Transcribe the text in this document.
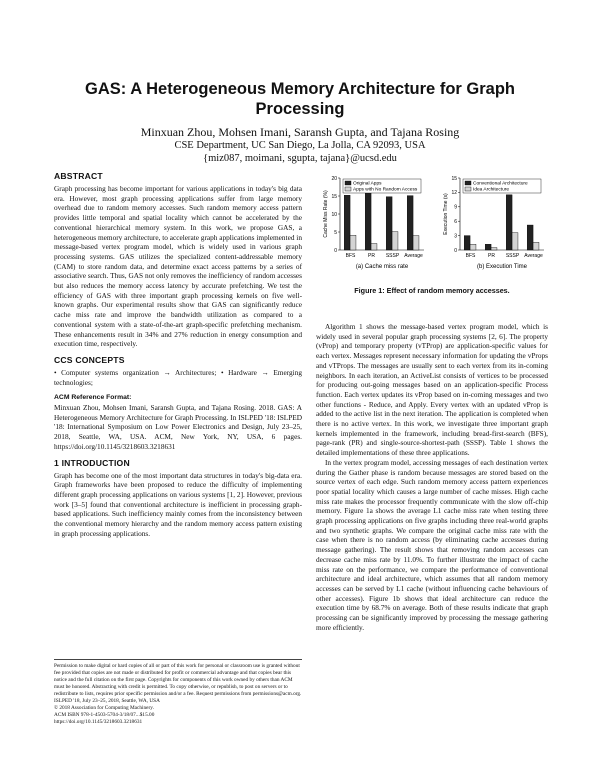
GAS: A Heterogeneous Memory Architecture for Graph Processing
Minxuan Zhou, Mohsen Imani, Saransh Gupta, and Tajana Rosing
CSE Department, UC San Diego, La Jolla, CA 92093, USA
{miz087, moimani, sgupta, tajana}@ucsd.edu
ABSTRACT

Graph processing has become important for various applications in today's big data era. However, most graph processing applications suffer from large memory overhead due to random memory accesses. Such random memory access pattern provides little temporal and spatial locality which cannot be accelerated by the conventional hierarchical memory system. In this work, we propose GAS, a heterogeneous memory architecture, to accelerate graph applications implemented in message-based vertex program model, which is widely used in various graph processing systems. GAS utilizes the specialized content-addressable memory (CAM) to store random data, and determine exact access patterns by a series of associative search. Thus, GAS not only removes the inefficiency of random accesses but also reduces the memory access latency by accurate prefetching. We test the efficiency of GAS with three important graph processing kernels on five well-known graphs. Our experimental results show that GAS can significantly reduce cache miss rate and improve the bandwidth utilization as compared to a conventional system with a state-of-the-art graph-specific prefetching mechanism. These enhancements result in 34% and 27% reduction in energy consumption and execution time, respectively.

CCS CONCEPTS

• Computer systems organization → Architectures; • Hardware → Emerging technologies;

ACM Reference Format:

Minxuan Zhou, Mohsen Imani, Saransh Gupta, and Tajana Rosing. 2018. GAS: A Heterogeneous Memory Architecture for Graph Processing. In ISLPED '18: ISLPED '18: International Symposium on Low Power Electronics and Design, July 23–25, 2018, Seattle, WA, USA. ACM, New York, NY, USA, 6 pages. https://doi.org/10.1145/3218603.3218631

1 INTRODUCTION

Graph has become one of the most important data structures in today's big-data era. Graph frameworks have been proposed to reduce the difficulty of implementing different graph processing applications on various systems [1, 2]. However, previous work [3–5] found that conventional architecture is inefficient in processing graph-based applications. Such inefficiency mainly comes from the inconsistency between the conventional memory hierarchy and the random memory access pattern existing in graph processing applications.

Permission to make digital or hard copies of all or part of this work for personal or classroom use is granted without fee provided that copies are not made or distributed for profit or commercial advantage and that copies bear this notice and the full citation on the first page. Copyrights for components of this work owned by others than ACM must be honored. Abstracting with credit is permitted. To copy otherwise, or republish, to post on servers or to redistribute to lists, requires prior specific permission and/or a fee. Request permissions from permissions@acm.org.

ISLPED '18, July 23–25, 2018, Seattle, WA, USA

© 2018 Association for Computing Machinery.

ACM ISBN 978-1-4503-5704-3/18/07...$15.00

https://doi.org/10.1145/3218603.3218631

0
5
10
15
20
Cache Miss Rate (%)
BFS	PR SSSP Average
Original Apps
Apps with No Random Access
(a) Cache miss rate
0
3
6
9
12
15
Execution Time (s)
BFS	PR SSSP Average
Conventional Architecture
Idea Architecture
(b) Execution Time
Figure 1: Effect of random memory accesses.

Algorithm 1 shows the message-based vertex program model, which is widely used in several popular graph processing systems [2, 6]. The property (vProp) and temporary property (vTProp) are application-specific values for each vertex. Messages represent necessary information for updating the vProps and vTProps. The messages are usually sent to each vertex from its in-coming neighbors. In each iteration, an ActiveList consists of vertices to be processed for producing out-going messages based on an application-specific Process function. Each vertex updates its vProp based on in-coming messages and two other functions - Reduce, and Apply. Every vertex with an updated vProp is added to the active list in the next iteration. The application is completed when there is no active vertex. In this work, we investigate three important graph kernels implemented in the framework, including bread-first-search (BFS), page-rank (PR) and single-source-shortest-path (SSSP). Table 1 shows the detailed implementations of these three applications.

In the vertex program model, accessing messages of each destination vertex during the Gather phase is random because messages are stored based on the source vertex of each edge. Such random memory access pattern experiences poor spatial locality which causes a large number of cache misses. High cache miss rate makes the processor frequently communicate with the slow off-chip memory. Figure 1a shows the average L1 cache miss rate when testing three graph processing applications on five graphs including three real-world graphs and two synthetic graphs. We compare the original cache miss rate with the case when there is no random access (by eliminating cache accesses during message gathering). The result shows that removing random accesses can decrease cache miss rate by 11.0%. To further illustrate the impact of cache miss rate on the performance, we compare the performance of conventional architecture and ideal architecture, which assumes that all random memory accesses can be served by L1 cache (without influencing cache behaviours of other accesses). Figure 1b shows that ideal architecture can reduce the execution time by 68.7% on average. Both of these results indicate that graph processing can be significantly improved by processing the message gathering more efficiently.
